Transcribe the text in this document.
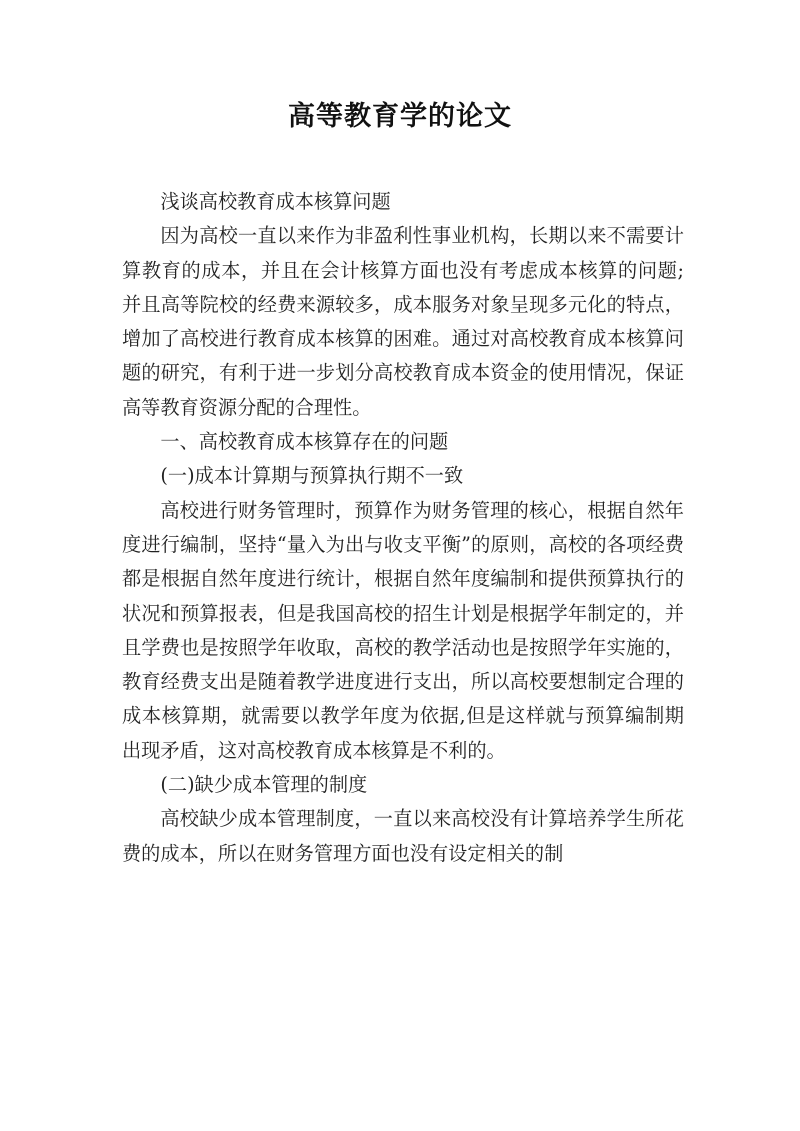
高等教育学的论文

浅谈高校教育成本核算问题

因为高校一直以来作为非盈利性事业机构，长期以来不需要计算教育的成本，并且在会计核算方面也没有考虑成本核算的问题;并且高等院校的经费来源较多，成本服务对象呈现多元化的特点，增加了高校进行教育成本核算的困难。通过对高校教育成本核算问题的研究，有利于进一步划分高校教育成本资金的使用情况，保证高等教育资源分配的合理性。

一、高校教育成本核算存在的问题

(一)成本计算期与预算执行期不一致

高校进行财务管理时，预算作为财务管理的核心，根据自然年度进行编制，坚持“量入为出与收支平衡”的原则，高校的各项经费都是根据自然年度进行统计，根据自然年度编制和提供预算执行的状况和预算报表，但是我国高校的招生计划是根据学年制定的，并且学费也是按照学年收取，高校的教学活动也是按照学年实施的，教育经费支出是随着教学进度进行支出，所以高校要想制定合理的成本核算期，就需要以教学年度为依据,但是这样就与预算编制期出现矛盾，这对高校教育成本核算是不利的。

(二)缺少成本管理的制度

高校缺少成本管理制度，一直以来高校没有计算培养学生所花费的成本，所以在财务管理方面也没有设定相关的制
